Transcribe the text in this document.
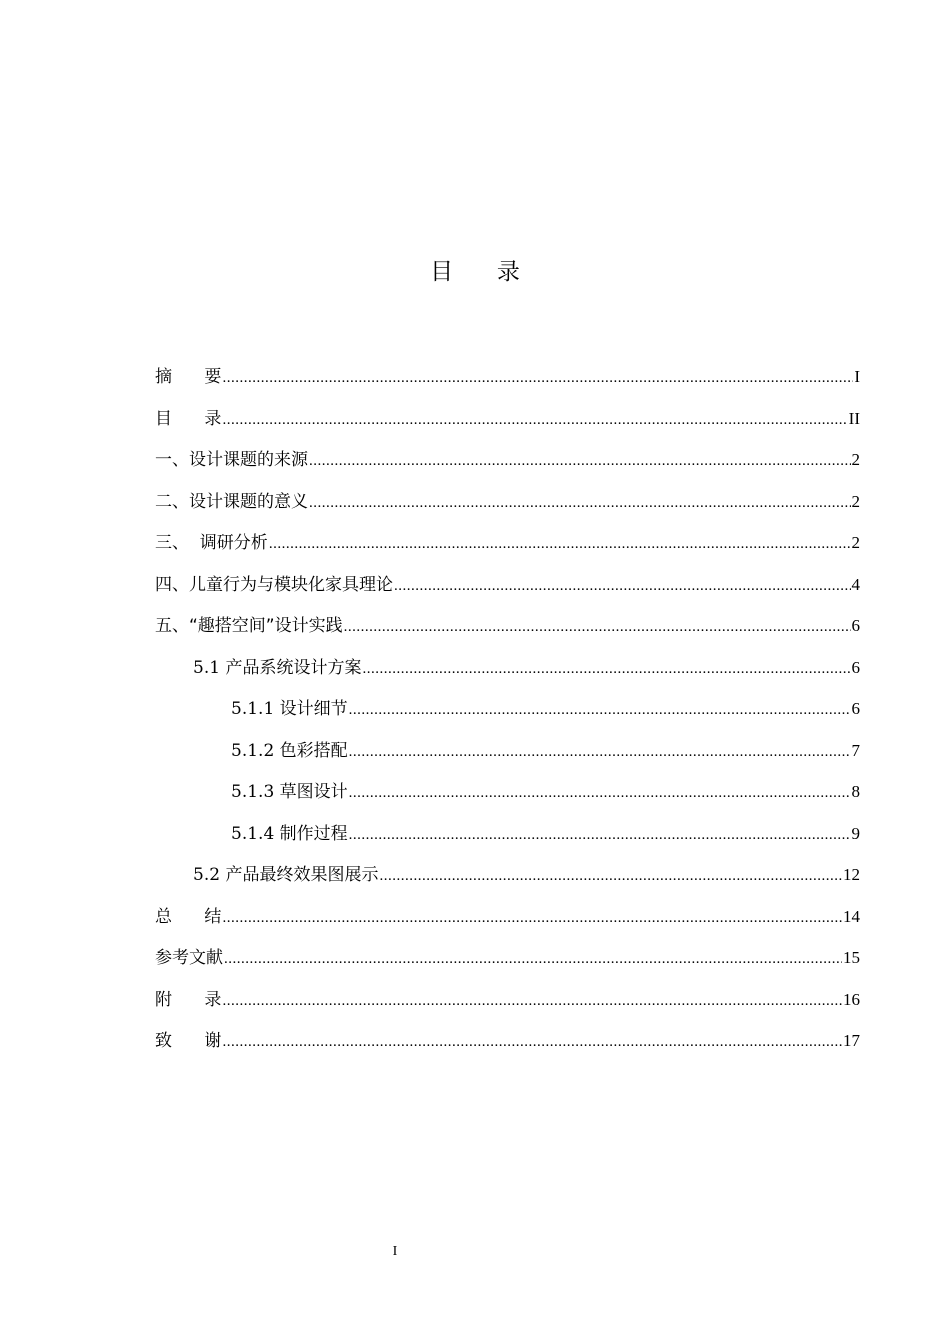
目      录
摘      要 .....	I
目      录 .....	II
一、设计课题的来源 .....	2
二、设计课题的意义 .....	2
三、  调研分析 .....	2
四、儿童行为与模块化家具理论 .....	4
五、“趣搭空间”设计实践 .....	6
5.1 产品系统设计方案 .....	6
5.1.1 设计细节 .....	6
5.1.2 色彩搭配 .....	7
5.1.3 草图设计 .....	8
5.1.4 制作过程 .....	9
5.2 产品最终效果图展示 .....	12
总      结 .....	14
参考文献 .....	15
附      录 .....	16
致      谢 .....	17
I
